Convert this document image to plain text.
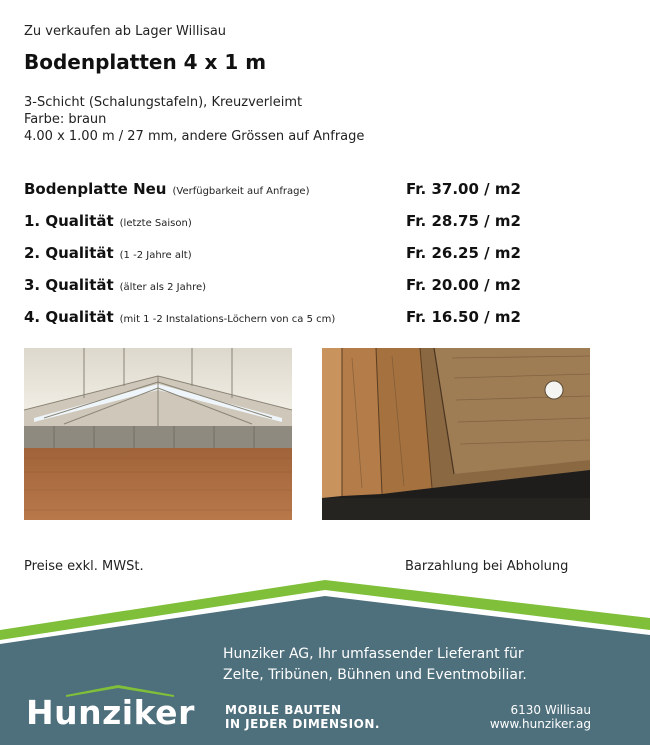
Zu verkaufen ab Lager Willisau
Bodenplatten 4 x 1 m
3-Schicht (Schalungstafeln), Kreuzverleimt
Farbe: braun
4.00 x 1.00 m / 27 mm, andere Grössen auf Anfrage
Bodenplatte Neu (Verfügbarkeit auf Anfrage)	Fr. 37.00 / m2
1. Qualität (letzte Saison)	Fr. 28.75 / m2
2. Qualität (1 -2 Jahre alt)	Fr. 26.25 / m2
3. Qualität (älter als 2 Jahre)	Fr. 20.00 / m2
4. Qualität (mit 1 -2 Instalations-Löchern von ca 5 cm)	Fr. 16.50 / m2
Preise exkl. MWSt.	Barzahlung bei Abholung
Hunziker AG, Ihr umfassender Lieferant für
Zelte, Tribünen, Bühnen und Eventmobiliar.
Hunziker	MOBILE BAUTEN
IN JEDER DIMENSION.
6130 Willisau
www.hunziker.ag
